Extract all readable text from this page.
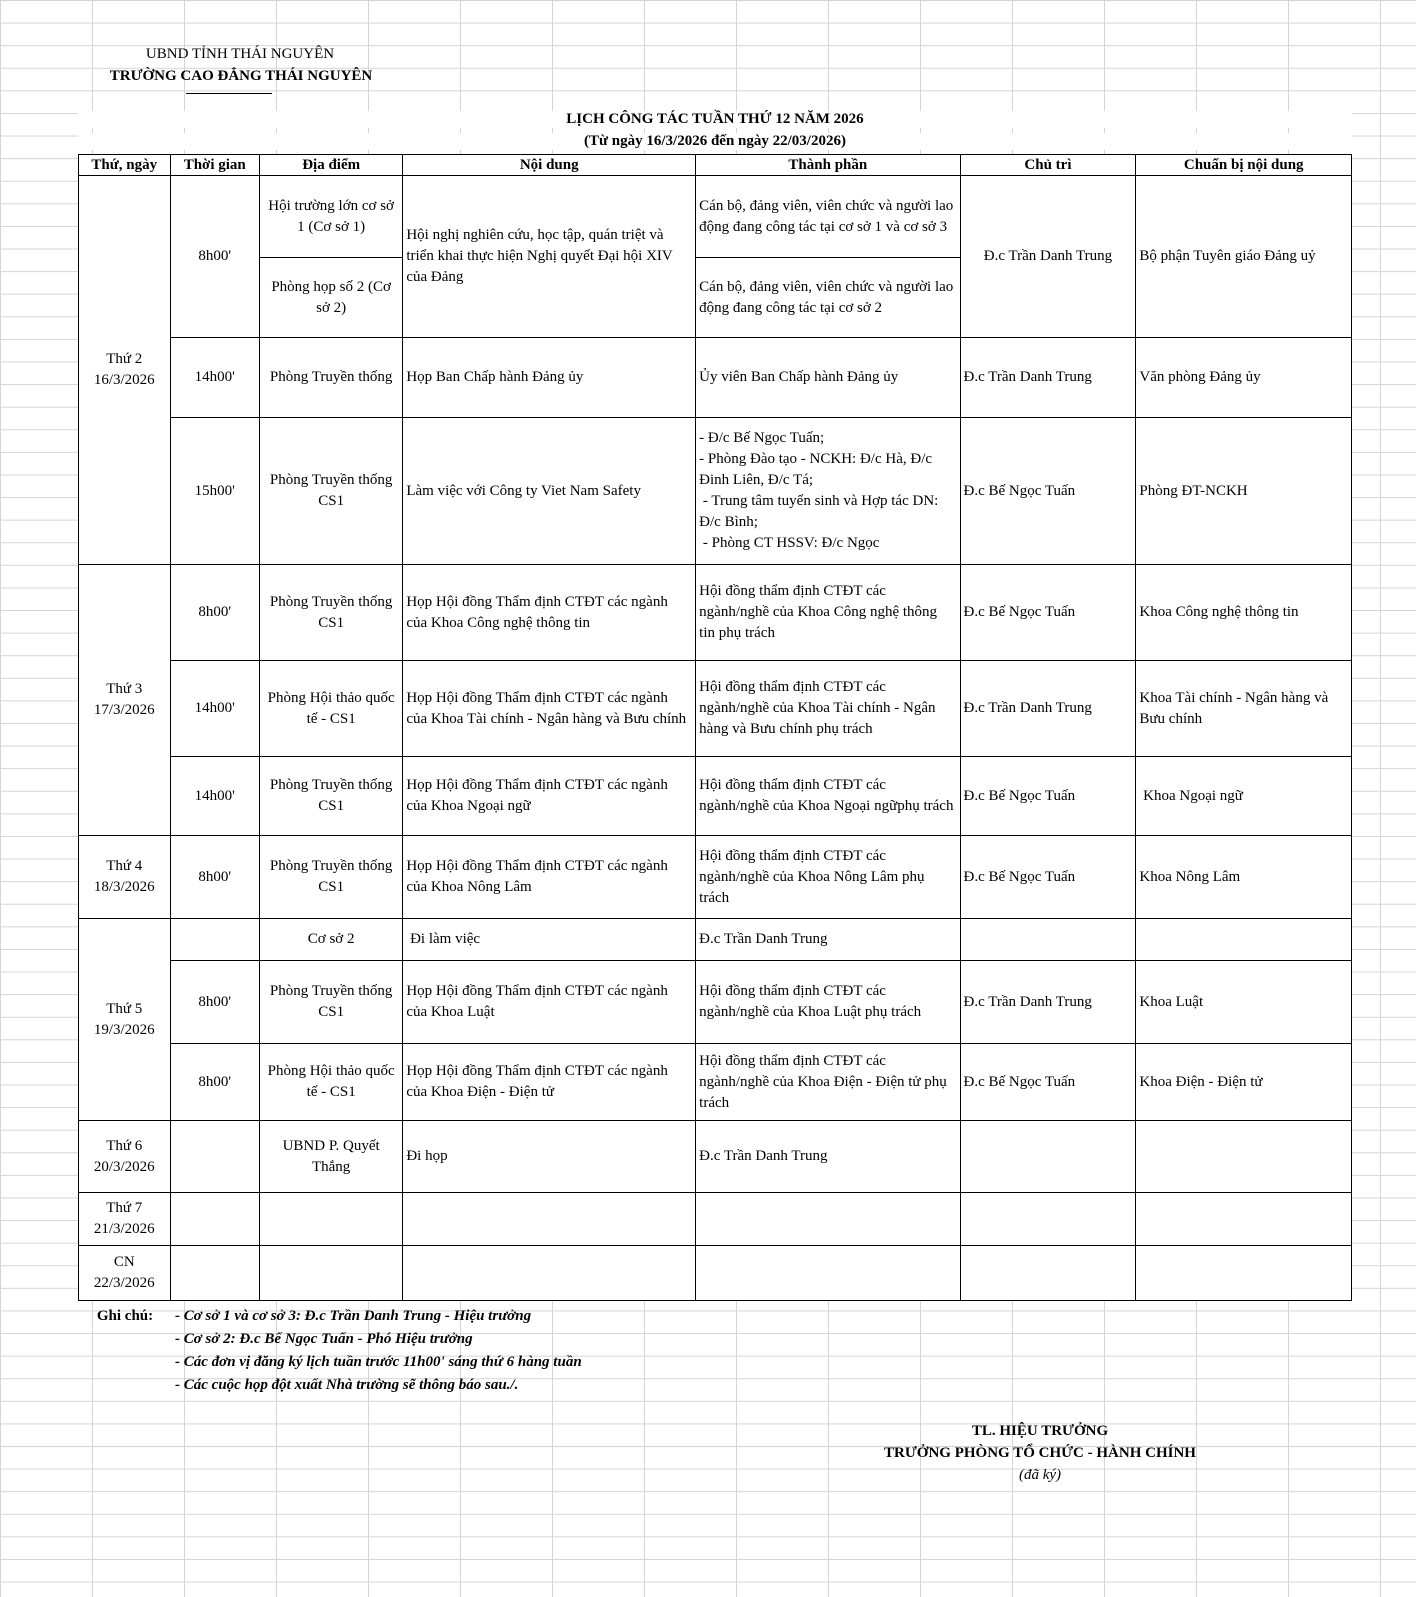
UBND TỈNH THÁI NGUYÊN
TRƯỜNG CAO ĐẲNG THÁI NGUYÊN
LỊCH CÔNG TÁC TUẦN THỨ 12 NĂM 2026
(Từ ngày 16/3/2026 đến ngày 22/03/2026)
Thứ, ngày	Thời gian	Địa điểm	Nội dung	Thành phần	Chủ trì	Chuẩn bị nội dung
Thứ 2
16/3/2026	8h00'	Hội trường lớn cơ sở 1 (Cơ sở 1)	Hội nghị nghiên cứu, học tập, quán triệt và triển khai thực hiện Nghị quyết Đại hội XIV của Đảng	Cán bộ, đảng viên, viên chức và người lao động đang công tác tại cơ sở 1 và cơ sở 3	Đ.c Trần Danh Trung	Bộ phận Tuyên giáo Đảng uỷ
		Phòng họp số 2 (Cơ sở 2)		Cán bộ, đảng viên, viên chức và người lao động đang công tác tại cơ sở 2		
	14h00'	Phòng Truyền thống	Họp Ban Chấp hành Đảng ủy	Ủy viên Ban Chấp hành Đảng ủy	Đ.c Trần Danh Trung	Văn phòng Đảng ủy
	15h00'	Phòng Truyền thống CS1	Làm việc với Công ty Viet Nam Safety	- Đ/c Bế Ngọc Tuấn;
- Phòng Đào tạo - NCKH: Đ/c Hà, Đ/c Đinh Liên, Đ/c Tá;
- Trung tâm tuyển sinh và Hợp tác DN: Đ/c Bình;
- Phòng CT HSSV: Đ/c Ngọc	Đ.c Bế Ngọc Tuấn	Phòng ĐT-NCKH
Thứ 3
17/3/2026	8h00'	Phòng Truyền thống CS1	Họp Hội đồng Thẩm định CTĐT các ngành của Khoa Công nghệ thông tin	Hội đồng thẩm định CTĐT các ngành/nghề của Khoa Công nghệ thông tin phụ trách	Đ.c Bế Ngọc Tuấn	Khoa Công nghệ thông tin
	14h00'	Phòng Hội thảo quốc tế - CS1	Họp Hội đồng Thẩm định CTĐT các ngành của Khoa Tài chính - Ngân hàng và Bưu chính	Hội đồng thẩm định CTĐT các ngành/nghề của Khoa Tài chính - Ngân hàng và Bưu chính phụ trách	Đ.c Trần Danh Trung	Khoa Tài chính - Ngân hàng và Bưu chính
	14h00'	Phòng Truyền thống CS1	Họp Hội đồng Thẩm định CTĐT các ngành của Khoa Ngoại ngữ	Hội đồng thẩm định CTĐT các ngành/nghề của Khoa Ngoại ngữphụ trách	Đ.c Bế Ngọc Tuấn	Khoa Ngoại ngữ
Thứ 4
18/3/2026	8h00'	Phòng Truyền thống CS1	Họp Hội đồng Thẩm định CTĐT các ngành của Khoa Nông Lâm	Hội đồng thẩm định CTĐT các ngành/nghề của Khoa Nông Lâm phụ trách	Đ.c Bế Ngọc Tuấn	Khoa Nông Lâm
Thứ 5
19/3/2026		Cơ sở 2	Đi làm việc	Đ.c Trần Danh Trung		
	8h00'	Phòng Truyền thống CS1	Họp Hội đồng Thẩm định CTĐT các ngành của Khoa Luật	Hội đồng thẩm định CTĐT các ngành/nghề của Khoa Luật phụ trách	Đ.c Trần Danh Trung	Khoa Luật
	8h00'	Phòng Hội thảo quốc tế - CS1	Họp Hội đồng Thẩm định CTĐT các ngành của Khoa Điện - Điện tử	Hội đồng thẩm định CTĐT các ngành/nghề của Khoa Điện - Điện tử phụ trách	Đ.c Bế Ngọc Tuấn	Khoa Điện - Điện tử
Thứ 6
20/3/2026		UBND P. Quyết Thắng	Đi họp	Đ.c Trần Danh Trung		
Thứ 7
21/3/2026						
CN
22/3/2026						
Ghi chú:	- Cơ sở 1 và cơ sở 3: Đ.c Trần Danh Trung - Hiệu trưởng
- Cơ sở 2: Đ.c Bế Ngọc Tuấn - Phó Hiệu trưởng
- Các đơn vị đăng ký lịch tuần trước 11h00' sáng thứ 6 hàng tuần
- Các cuộc họp đột xuất Nhà trường sẽ thông báo sau./.
TL. HIỆU TRƯỞNG
TRƯỞNG PHÒNG TỔ CHỨC - HÀNH CHÍNH
(đã ký)
